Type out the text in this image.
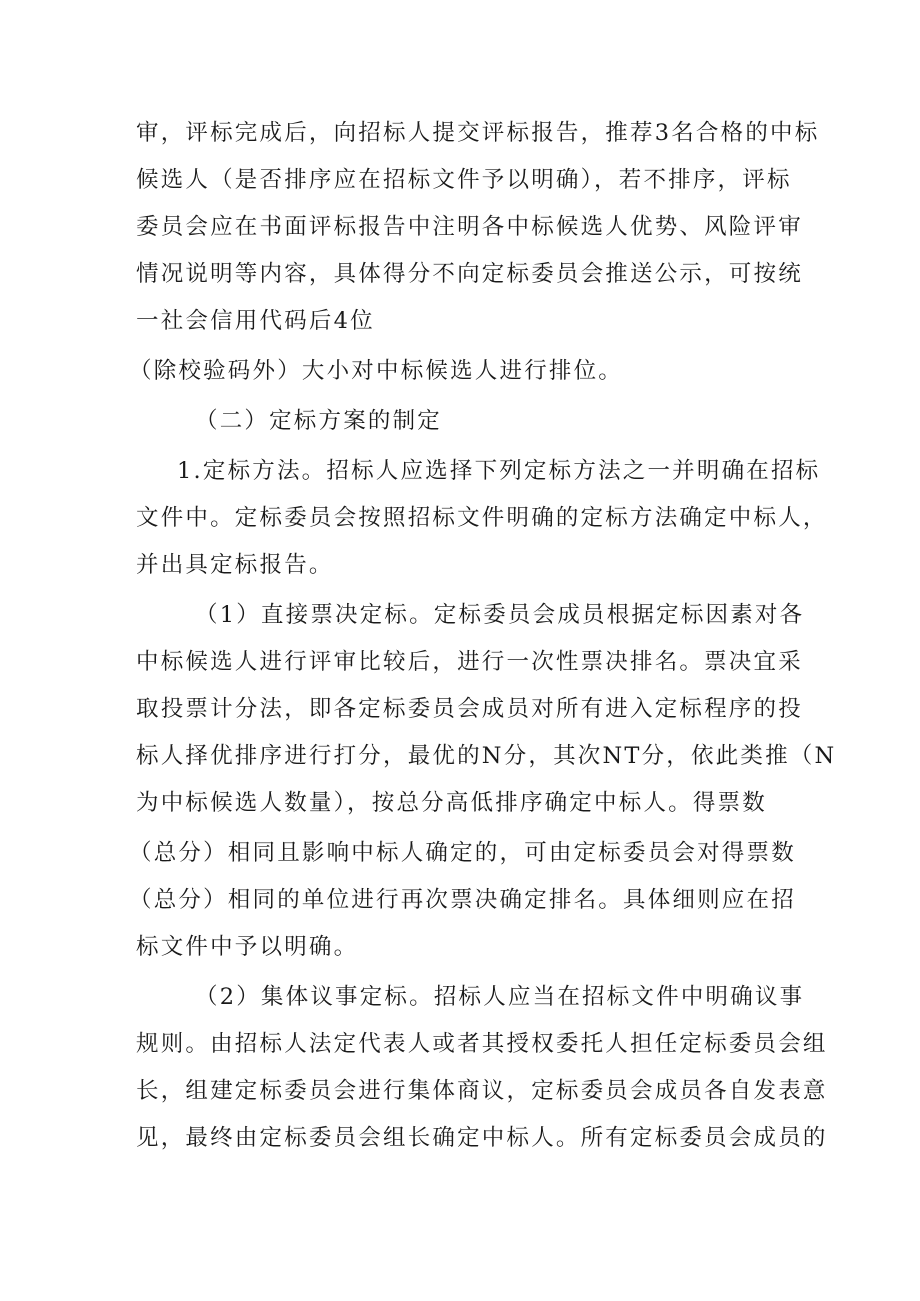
审，评标完成后，向招标人提交评标报告，推荐3名合格的中标
候选人（是否排序应在招标文件予以明确），若不排序，评标
委员会应在书面评标报告中注明各中标候选人优势、风险评审
情况说明等内容，具体得分不向定标委员会推送公示，可按统
一社会信用代码后4位
（除校验码外）大小对中标候选人进行排位。
（二）定标方案的制定
1.定标方法。招标人应选择下列定标方法之一并明确在招标
文件中。定标委员会按照招标文件明确的定标方法确定中标人，
并出具定标报告。
（1）直接票决定标。定标委员会成员根据定标因素对各
中标候选人进行评审比较后，进行一次性票决排名。票决宜采
取投票计分法，即各定标委员会成员对所有进入定标程序的投
标人择优排序进行打分，最优的N分，其次NT分，依此类推（N
为中标候选人数量），按总分高低排序确定中标人。得票数
（总分）相同且影响中标人确定的，可由定标委员会对得票数
（总分）相同的单位进行再次票决确定排名。具体细则应在招
标文件中予以明确。
（2）集体议事定标。招标人应当在招标文件中明确议事
规则。由招标人法定代表人或者其授权委托人担任定标委员会组
长，组建定标委员会进行集体商议，定标委员会成员各自发表意
见，最终由定标委员会组长确定中标人。所有定标委员会成员的
